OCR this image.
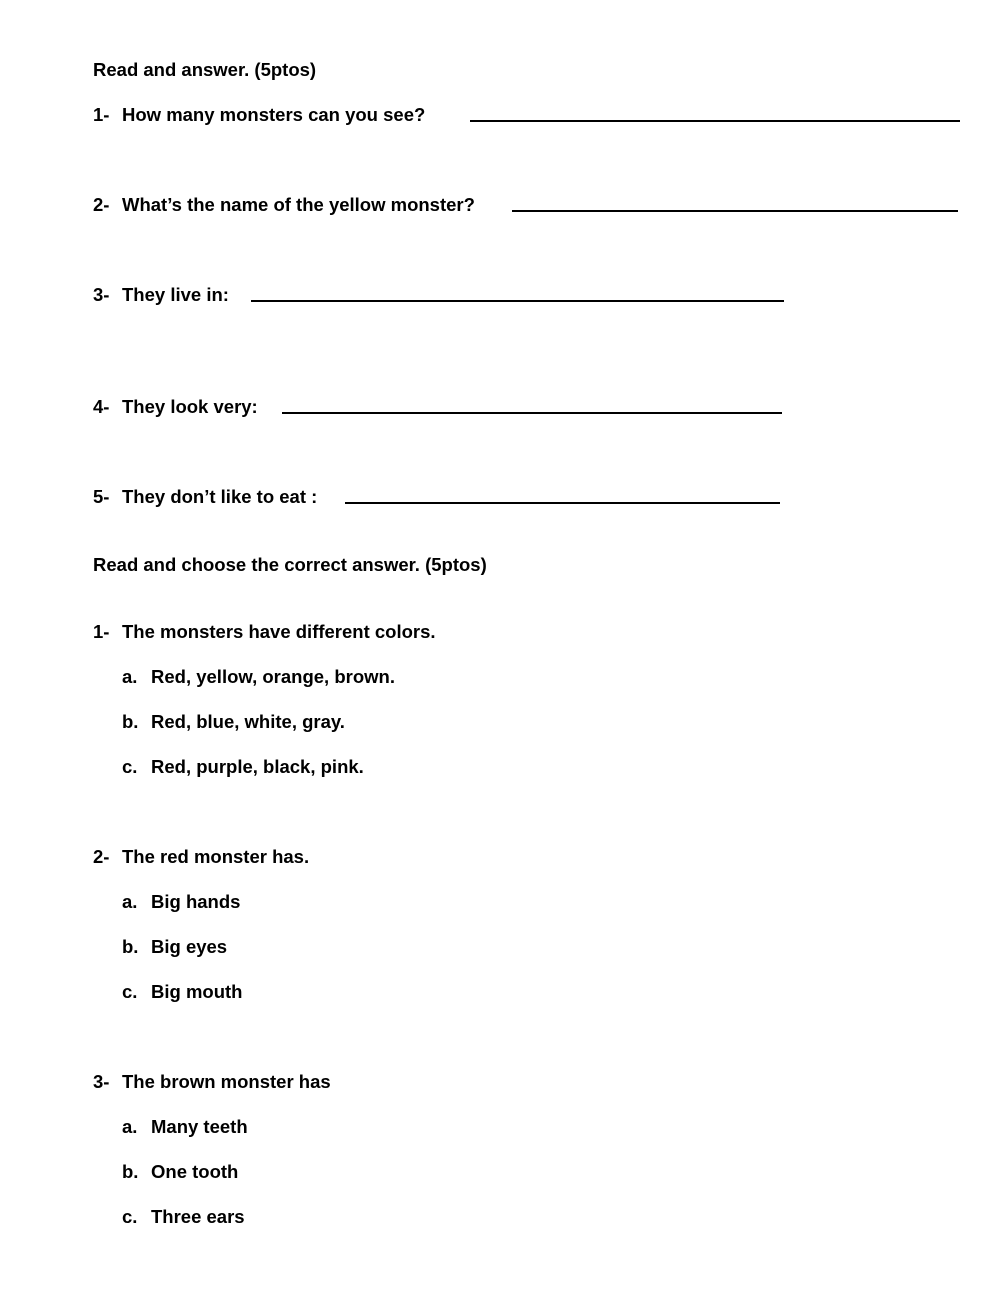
Read and answer. (5ptos)
1- How many monsters can you see?
2- What’s the name of the yellow monster?
3- They live in:
4- They look very:
5- They don’t like to eat :
Read and choose the correct answer. (5ptos)
1- The monsters have different colors.
a. Red, yellow, orange, brown.
b. Red, blue, white, gray.
c. Red, purple, black, pink.
2- The red monster has.
a. Big hands
b. Big eyes
c. Big mouth
3- The brown monster has
a. Many teeth
b. One tooth
c. Three ears
